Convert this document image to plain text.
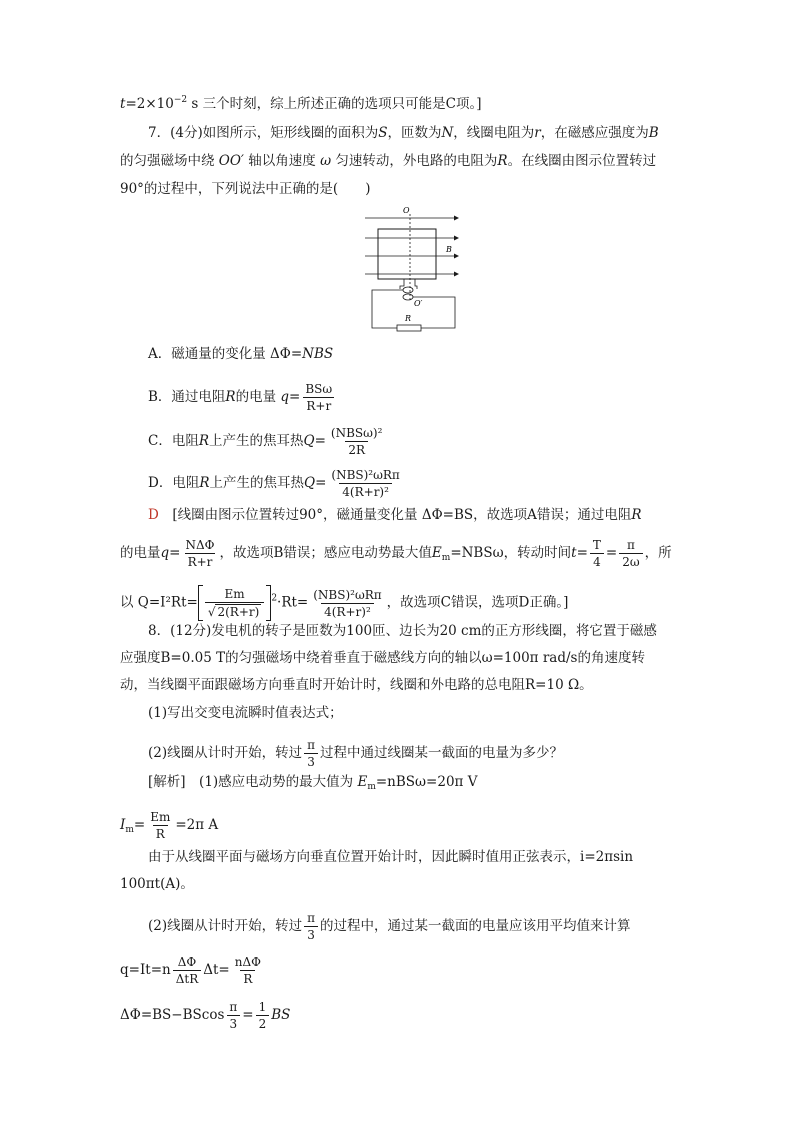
$t=2\times 10^{-2}$ s 三个时刻，综上所述正确的选项只可能是C项。]
7．(4分)如图所示，矩形线圈的面积为S，匝数为N，线圈电阻为r，在磁感应强度为B
的匀强磁场中绕 OO′ 轴以角速度 ω 匀速转动，外电路的电阻为R。在线圈由图示位置转过
90°的过程中，下列说法中正确的是(　　)
O
B
O′
R
A．磁通量的变化量 ΔΦ=NBS
B．通过电阻R的电量 $q= \frac{\text{BSω}}{R+r}$
C．电阻R上产生的焦耳热$Q= \frac{\text{(NBSω)²}}{2R}$
D．电阻R上产生的焦耳热$Q= \frac{\text{(NBS)²ωRπ}}{\text{4(R+r)²}}$
D　 [线圈由图示位置转过90°，磁通量变化量 ΔΦ=BS，故选项A错误；通过电阻R
的电量$q= \frac{\text{NΔΦ}}{R+r}$ ，故选项B错误；感应电动势最大值$E_m=NBS\omega$，转动时间$t= \frac{T}{4} = \frac{\pi}{2\omega}$ ，所
以 $Q=I^2Rt= \frac{Em}{√ 2(R+r)} ^2\cdot Rt= \frac{\text{(NBS)²ωRπ}}{\text{4(R+r)²}}$ ，故选项C错误，选项D正确。]
8．(12分)发电机的转子是匝数为100匝、边长为20 cm的正方形线圈，将它置于磁感
应强度B=0.05 T的匀强磁场中绕着垂直于磁感线方向的轴以ω=100π rad/s的角速度转
动，当线圈平面跟磁场方向垂直时开始计时，线圈和外电路的总电阻R=10 Ω。
(1)写出交变电流瞬时值表达式；
(2)线圈从计时开始，转过 $\frac{\pi}{3}$ 过程中通过线圈某一截面的电量为多少？
[解析]　 (1)感应电动势的最大值为 $E_m=nBS\omega=20\pi$ V
$I_m= \frac{Em}{R} =2\pi$ A
由于从线圈平面与磁场方向垂直位置开始计时，因此瞬时值用正弦表示，i=2πsin
100πt(A)。
(2)线圈从计时开始，转过 $\frac{\pi}{3}$ 的过程中，通过某一截面的电量应该用平均值来计算
$q=It=n \frac{\Delta\Phi}{\text{ΔtR}} \Delta t= \frac{\text{nΔΦ}}{R}$
$\Delta\Phi=BS-BScos \frac{\pi}{3} = \frac{1}{2}$ BS
